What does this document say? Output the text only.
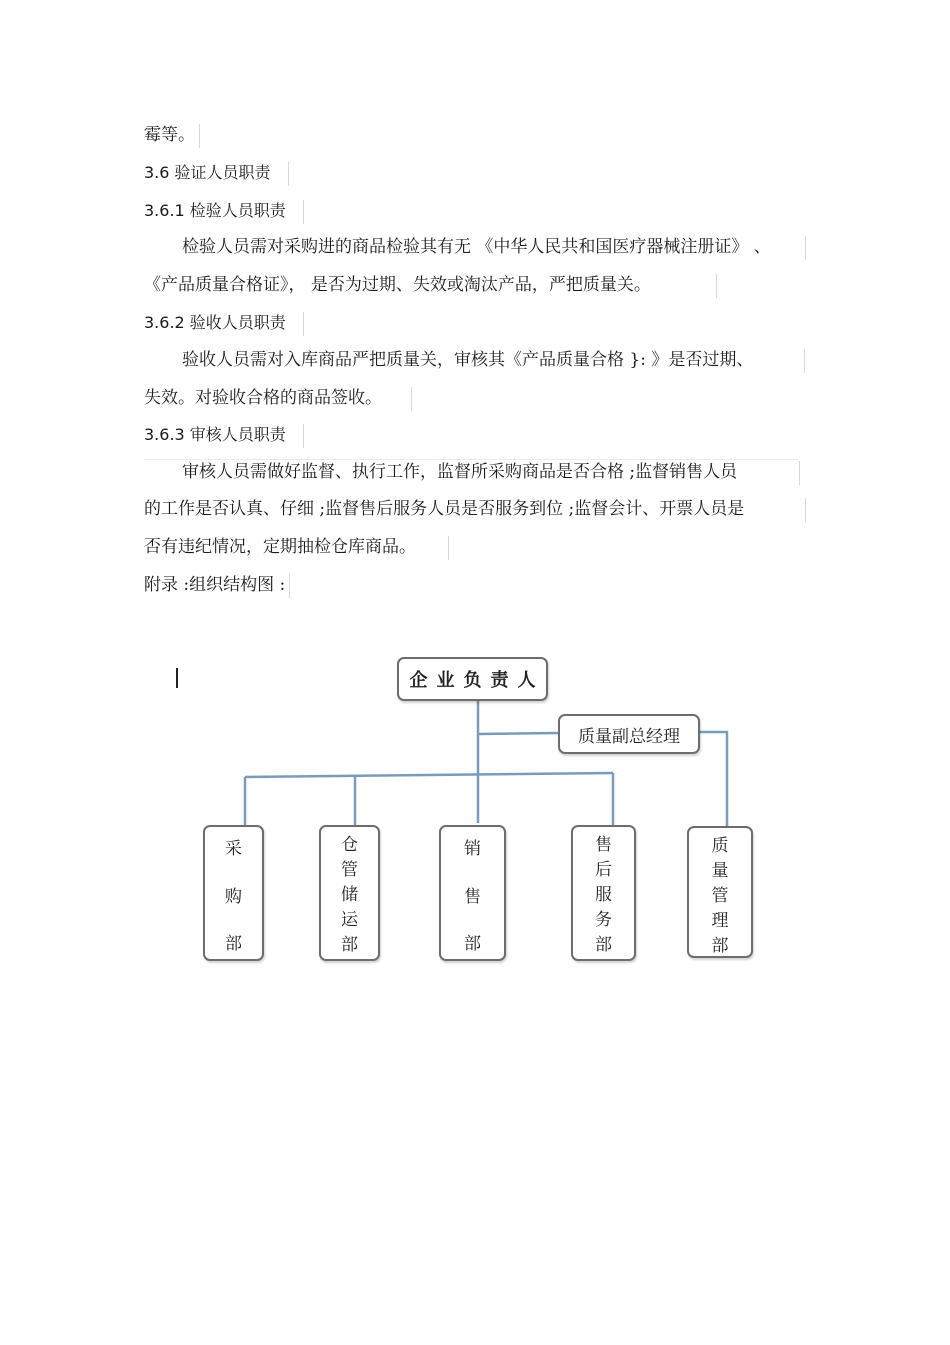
霉等。
3.6 验证人员职责
3.6.1 检验人员职责
检验人员需对采购进的商品检验其有无 《中华人民共和国医疗器械注册证》 、
《产品质量合格证》， 是否为过期、失效或淘汰产品，严把质量关。
3.6.2 验收人员职责
验收人员需对入库商品严把质量关，审核其《产品质量合格 }: 》是否过期、
失效。对验收合格的商品签收。
3.6.3 审核人员职责
审核人员需做好监督、执行工作，监督所采购商品是否合格 ;监督销售人员
的工作是否认真、仔细 ;监督售后服务人员是否服务到位 ;监督会计、开票人员是
否有违纪情况，定期抽检仓库商品。
附录 :组织结构图 :
企业负责人
质量副总经理
采
购
部
仓
管
储
运
部
销
售
部
售
后
服
务
部
质
量
管
理
部
